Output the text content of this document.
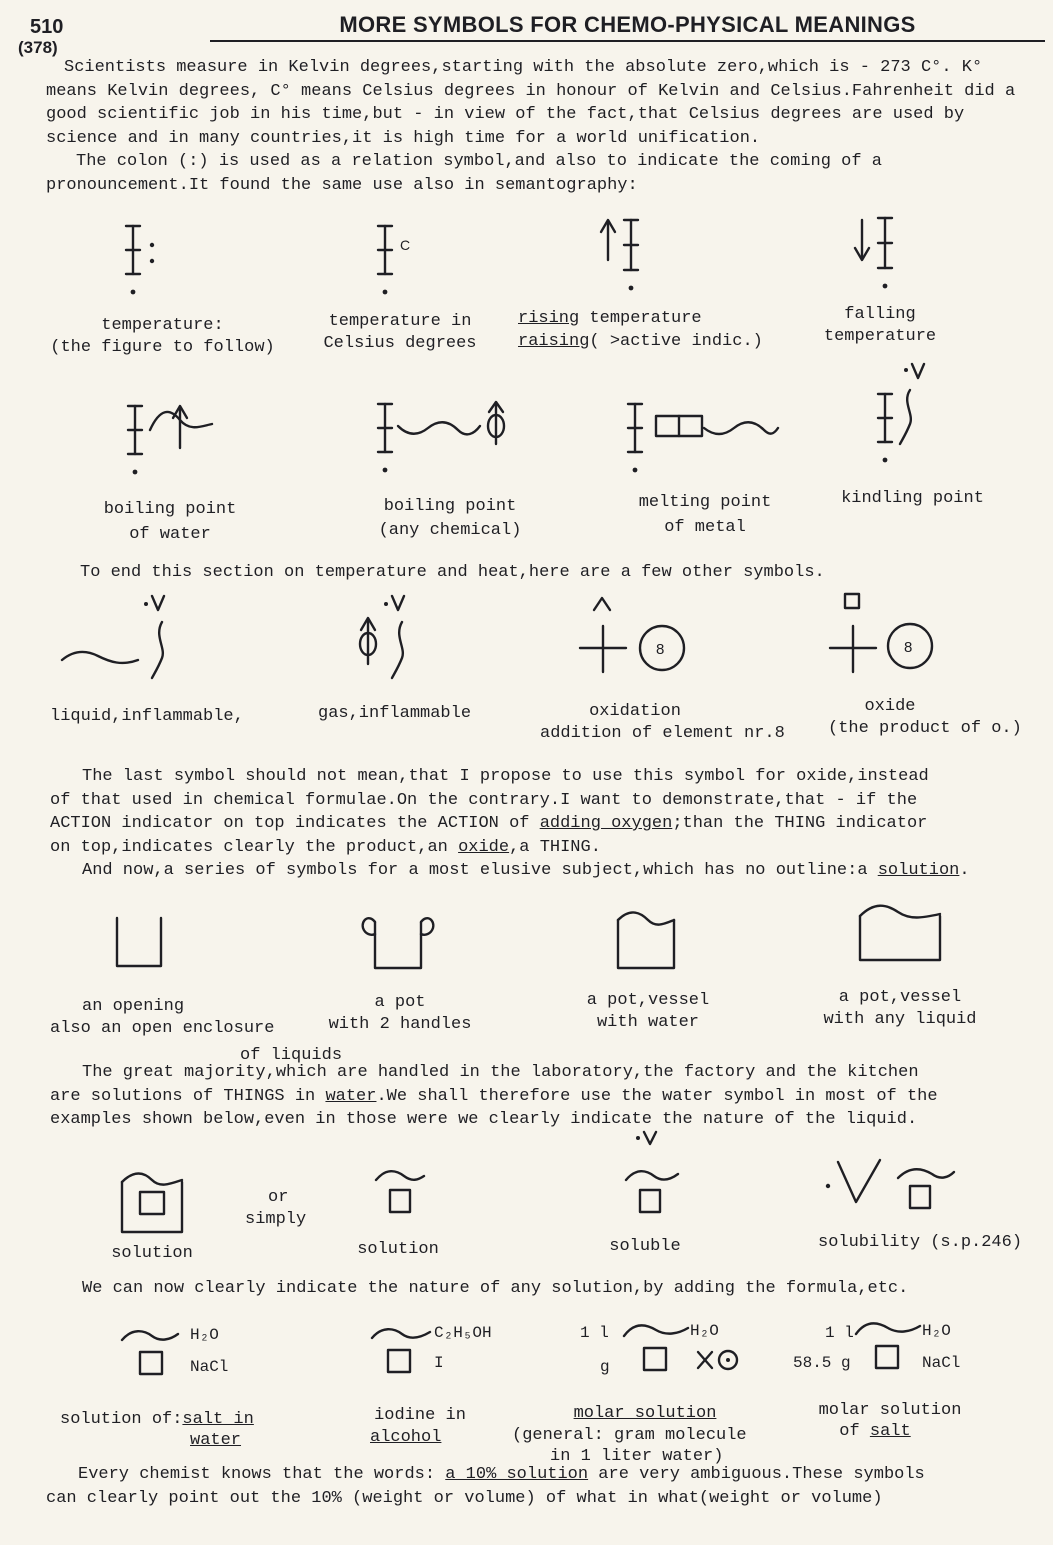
510
(378)
MORE SYMBOLS FOR CHEMO-PHYSICAL MEANINGS

Scientists measure in Kelvin degrees,starting with the absolute zero,which is - 273 C°. K° means Kelvin degrees, C° means Celsius degrees in honour of Kelvin and Celsius.Fahrenheit did a good scientific job in his time,but - in view of the fact,that Celsius degrees are used by science and in many countries,it is high time for a world unification.

The colon (:) is used as a relation symbol,and also to indicate the coming of a pronouncement.It found the same use also in semantography:

C
temperature:
(the figure to follow)
temperature in
Celsius degrees
rising temperature
raising( >active indic.)
falling
temperature
boiling point
of water
boiling point
(any chemical)
melting point
of metal
kindling point
To end this section on temperature and heat,here are a few other symbols.
8	8
liquid,inflammable,	gas,inflammable	oxidation
addition of element nr.8
oxide
(the product of o.)

The last symbol should not mean,that I propose to use this symbol for oxide,instead

of that used in chemical formulae.On the contrary.I want to demonstrate,that - if the

ACTION indicator on top indicates the ACTION of adding oxygen;than the THING indicator

on top,indicates clearly the product,an oxide,a THING.

And now,a series of symbols for a most elusive subject,which has no outline:a solution.

an opening
also an open enclosure
of liquids
a pot
with 2 handles
a pot,vessel
with water
a pot,vessel
with any liquid

The great majority,which are handled in the laboratory,the factory and the kitchen

are solutions of THINGS in water.We shall therefore use the water symbol in most of the

examples shown below,even in those were we clearly indicate the nature of the liquid.

solution
or
simply
solution	soluble	solubility (s.p.246)
We can now clearly indicate the nature of any solution,by adding the formula,etc.
H₂O
NaCl
C₂H₅OH
I
1 l	H₂O
g
1 l	H₂O
58.5 g	NaCl
solution of:salt in
water
iodine in
alcohol
molar solution
(general: gram molecule
in 1 liter water)
molar solution
of salt

Every chemist knows that the words: a 10% solution are very ambiguous.These symbols

can clearly point out the 10% (weight or volume) of what in what(weight or volume)
